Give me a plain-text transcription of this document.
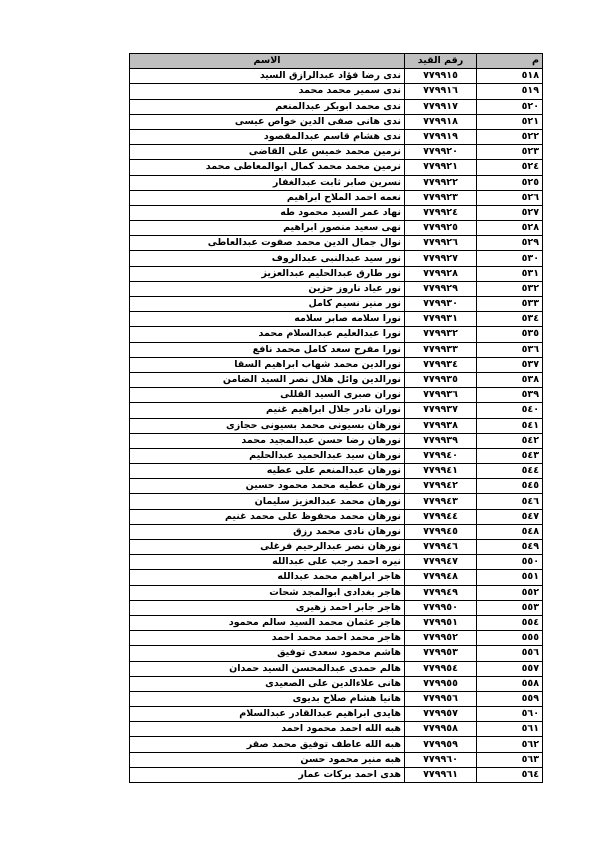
م	رقم القيد	الاسم
٥١٨	٧٧٩٩١٥	ندى رضا فؤاد عبدالرازق السيد
٥١٩	٧٧٩٩١٦	ندى سمير محمد محمد
٥٢٠	٧٧٩٩١٧	ندى محمد ابوبكر عبدالمنعم
٥٢١	٧٧٩٩١٨	ندى هانى صفى الدين خواص عيسى
٥٢٢	٧٧٩٩١٩	ندى هشام قاسم عبدالمقصود
٥٢٣	٧٧٩٩٢٠	نرمين محمد خميس على القاضى
٥٢٤	٧٧٩٩٢١	نرمين محمد محمد كمال ابوالمعاطى محمد
٥٢٥	٧٧٩٩٢٢	نسرين صابر ثابت عبدالغفار
٥٢٦	٧٧٩٩٢٣	نعمه احمد الملاح ابراهيم
٥٢٧	٧٧٩٩٢٤	نهاد عمر السيد محمود طه
٥٢٨	٧٧٩٩٢٥	نهى سعيد منصور ابراهيم
٥٢٩	٧٧٩٩٢٦	نوال جمال الدين محمد صفوت عبدالعاطى
٥٣٠	٧٧٩٩٢٧	نور سيد عبدالنبى عبدالروف
٥٣١	٧٧٩٩٢٨	نور طارق عبدالحليم عبدالعزيز
٥٣٢	٧٧٩٩٢٩	نور عياد ناروز حزين
٥٣٣	٧٧٩٩٣٠	نور منير نسيم كامل
٥٣٤	٧٧٩٩٣١	نورا سلامه صابر سلامه
٥٣٥	٧٧٩٩٣٢	نورا عبدالعليم عبدالسلام محمد
٥٣٦	٧٧٩٩٣٣	نورا مفرح سعد كامل محمد نافع
٥٣٧	٧٧٩٩٣٤	نورالدين محمد شهاب ابراهيم السقا
٥٣٨	٧٧٩٩٣٥	نورالدين وائل هلال نصر السيد الضامن
٥٣٩	٧٧٩٩٣٦	نوران صبرى السيد القللى
٥٤٠	٧٧٩٩٣٧	نوران نادر جلال ابراهيم غنيم
٥٤١	٧٧٩٩٣٨	نورهان بسيونى محمد بسيونى حجازى
٥٤٢	٧٧٩٩٣٩	نورهان رضا حسن عبدالمجيد محمد
٥٤٣	٧٧٩٩٤٠	نورهان سيد عبدالحميد عبدالحليم
٥٤٤	٧٧٩٩٤١	نورهان عبدالمنعم على عطيه
٥٤٥	٧٧٩٩٤٢	نورهان عطيه محمد محمود حسين
٥٤٦	٧٧٩٩٤٣	نورهان محمد عبدالعزيز سليمان
٥٤٧	٧٧٩٩٤٤	نورهان محمد محفوظ على محمد غنيم
٥٤٨	٧٧٩٩٤٥	نورهان نادى محمد رزق
٥٤٩	٧٧٩٩٤٦	نورهان نصر عبدالرحيم فرغلى
٥٥٠	٧٧٩٩٤٧	نيره احمد رجب على عبدالله
٥٥١	٧٧٩٩٤٨	هاجر ابراهيم محمد عبدالله
٥٥٢	٧٧٩٩٤٩	هاجر بغدادى ابوالمجد شحات
٥٥٣	٧٧٩٩٥٠	هاجر جابر احمد زهيرى
٥٥٤	٧٧٩٩٥١	هاجر عثمان محمد السيد سالم محمود
٥٥٥	٧٧٩٩٥٢	هاجر محمد احمد محمد احمد
٥٥٦	٧٧٩٩٥٣	هاشم محمود سعدى توفيق
٥٥٧	٧٧٩٩٥٤	هالم حمدى عبدالمحسن السيد حمدان
٥٥٨	٧٧٩٩٥٥	هانى علاءالدين على الصعيدى
٥٥٩	٧٧٩٩٥٦	هانيا هشام صلاح بديوى
٥٦٠	٧٧٩٩٥٧	هايدى ابراهيم عبدالقادر عبدالسلام
٥٦١	٧٧٩٩٥٨	هبه الله احمد محمود احمد
٥٦٢	٧٧٩٩٥٩	هبه الله عاطف توفيق محمد صقر
٥٦٣	٧٧٩٩٦٠	هبه منير محمود حسن
٥٦٤	٧٧٩٩٦١	هدى احمد بركات عمار
